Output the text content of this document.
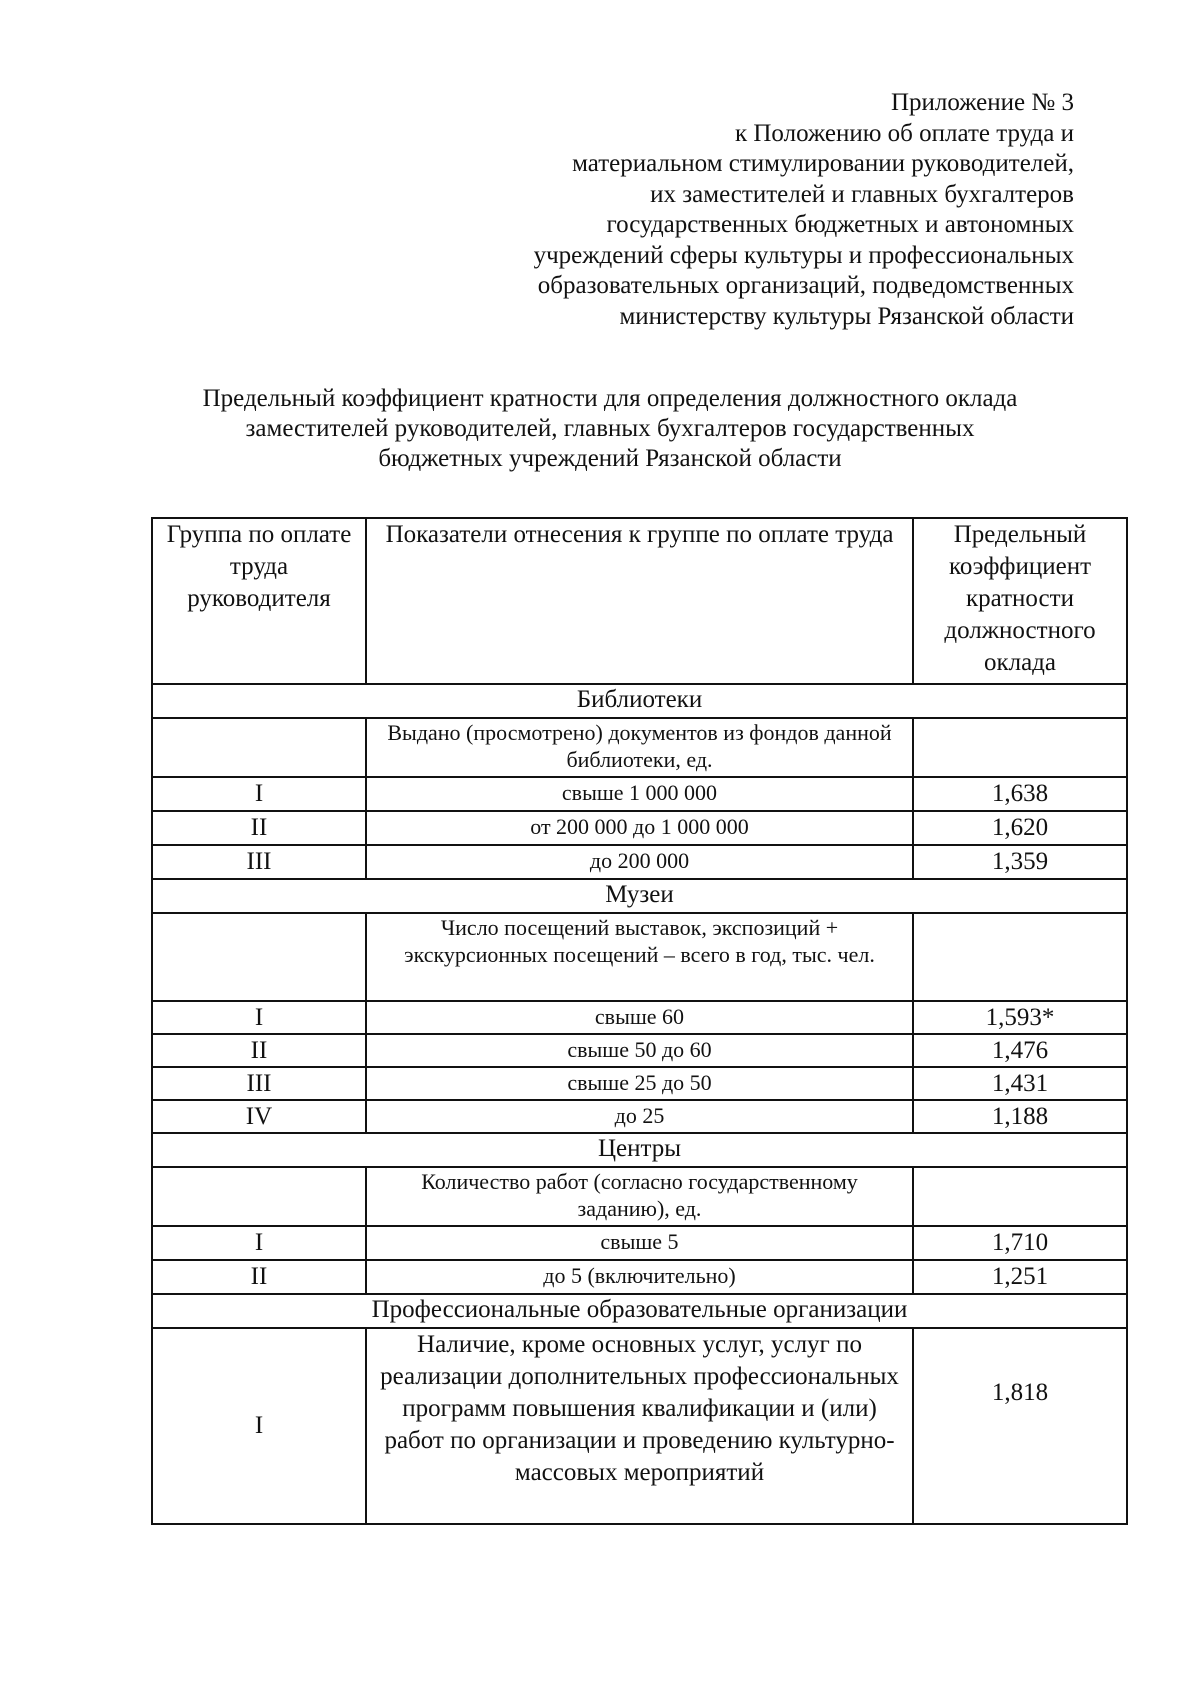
Приложение № 3
к Положению об оплате труда и
материальном стимулировании руководителей,
их заместителей и главных бухгалтеров
государственных бюджетных и автономных
учреждений сферы культуры и профессиональных
образовательных организаций, подведомственных
министерству культуры Рязанской области
Предельный коэффициент кратности для определения должностного оклада
заместителей руководителей, главных бухгалтеров государственных
бюджетных учреждений Рязанской области
Группа по оплате труда руководителя	Показатели отнесения к группе по оплате труда	Предельный коэффициент кратности должностного оклада
Библиотеки		
	Выдано (просмотрено) документов из фондов данной библиотеки, ед.	
I	свыше 1 000 000	1,638
II	от 200 000 до 1 000 000	1,620
III	до 200 000	1,359
Музеи		
	Число посещений выставок, экспозиций + экскурсионных посещений – всего в год, тыс. чел.	
I	свыше 60	1,593*
II	свыше 50 до 60	1,476
III	свыше 25 до 50	1,431
IV	до 25	1,188
Центры		
	Количество работ (согласно государственному заданию), ед.	
I	свыше 5	1,710
II	до 5 (включительно)	1,251
Профессиональные образовательные организации		
I	Наличие, кроме основных услуг, услуг по реализации дополнительных профессиональных программ повышения квалификации и (или) работ по организации и проведению культурно-массовых мероприятий	1,818
